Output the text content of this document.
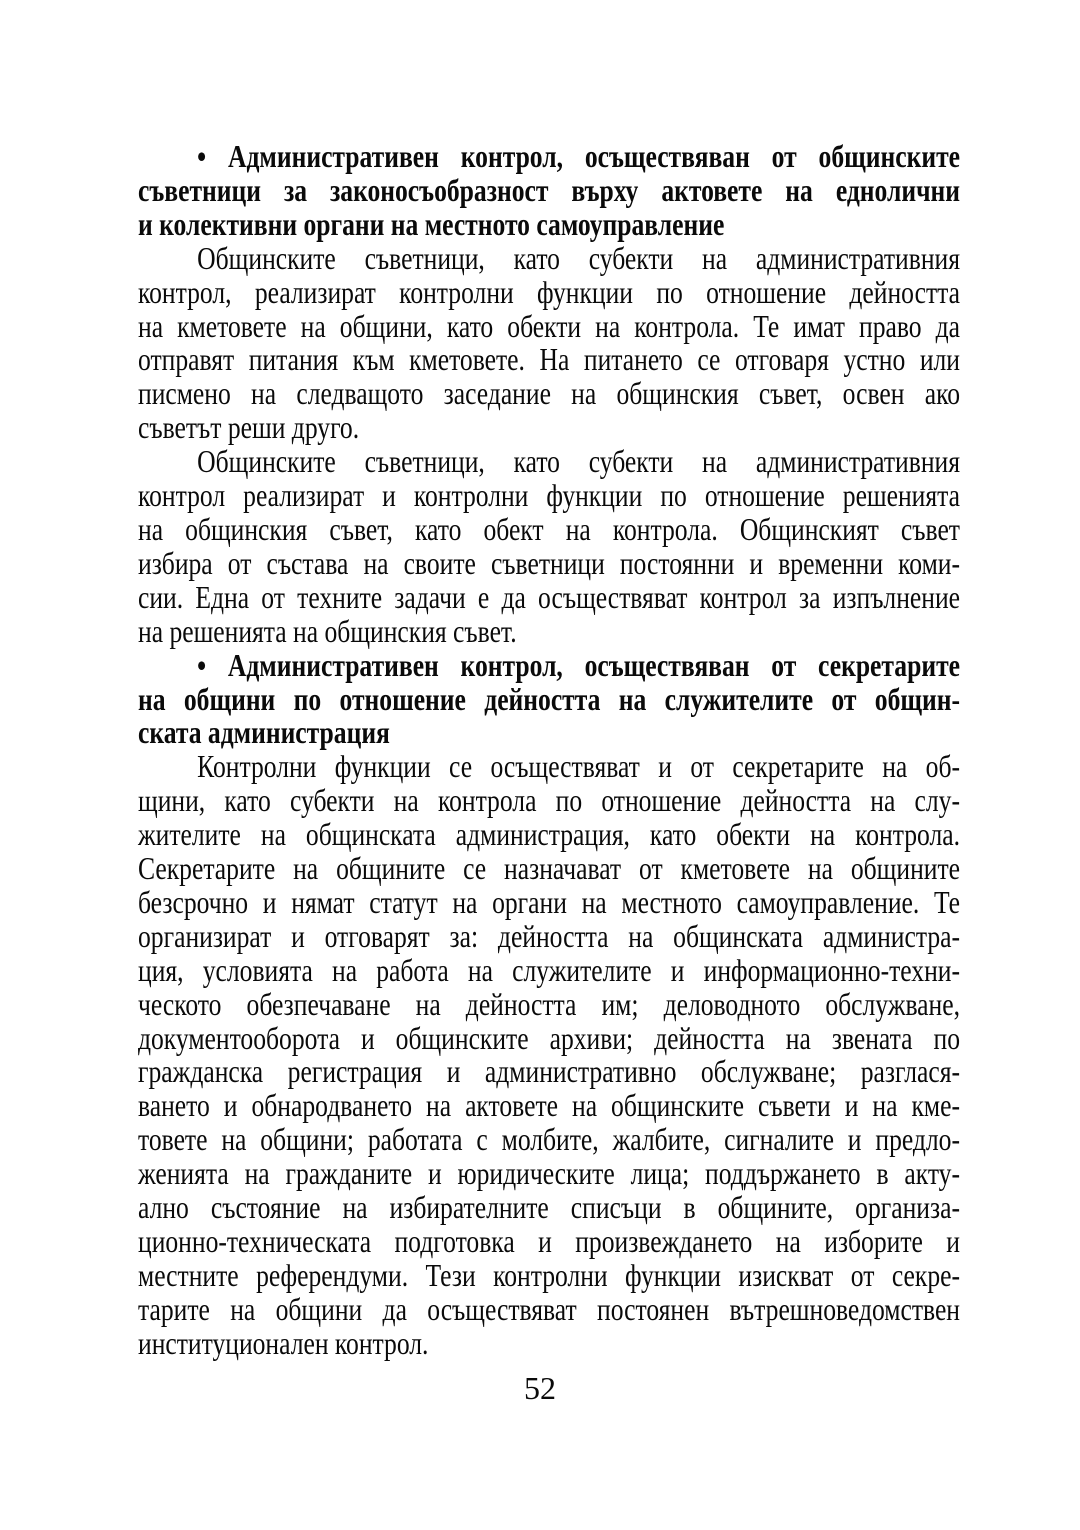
• Административен контрол, осъществяван от общинските
съветници за законосъобразност върху актовете на еднолични
и колективни органи на местното самоуправление
Общинските съветници, като субекти на административния
контрол, реализират контролни функции по отношение дейността
на кметовете на общини, като обекти на контрола. Те имат право да
отправят питания към кметовете. На питането се отговаря устно или
писмено на следващото заседание на общинския съвет, освен ако
съветът реши друго.
Общинските съветници, като субекти на административния
контрол реализират и контролни функции по отношение решенията
на общинския съвет, като обект на контрола. Общинският съвет
избира от състава на своите съветници постоянни и временни коми-
сии. Една от техните задачи е да осъществяват контрол за изпълнение
на решенията на общинския съвет.
• Административен контрол, осъществяван от секретарите
на общини по отношение дейността на служителите от общин-
ската администрация
Контролни функции се осъществяват и от секретарите на об-
щини, като субекти на контрола по отношение дейността на слу-
жителите на общинската администрация, като обекти на контрола.
Секретарите на общините се назначават от кметовете на общините
безсрочно и нямат статут на органи на местното самоуправление. Те
организират и отговарят за: дейността на общинската администра-
ция, условията на работа на служителите и информационно-техни-
ческото обезпечаване на дейността им; деловодното обслужване,
документооборота и общинските архиви; дейността на звената по
гражданска регистрация и административно обслужване; разглася-
ването и обнародването на актовете на общинските съвети и на кме-
товете на общини; работата с молбите, жалбите, сигналите и предло-
женията на гражданите и юридическите лица; поддържането в акту-
ално състояние на избирателните списъци в общините, организа-
ционно-техническата подготовка и произвеждането на изборите и
местните референдуми. Тези контролни функции изискват от секре-
тарите на общини да осъществяват постоянен вътрешноведомствен
институционален контрол.
52
